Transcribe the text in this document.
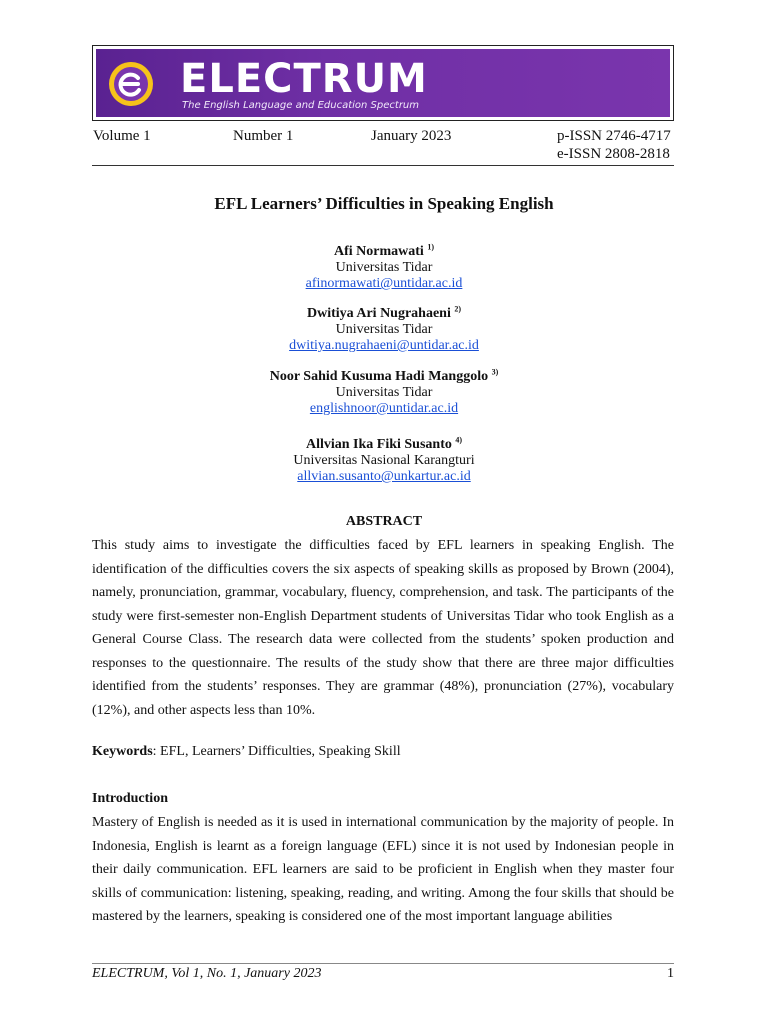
ELECTRUM
The English Language and Education Spectrum
Volume 1	Number 1	January 2023	p-ISSN 2746-4717
e-ISSN 2808-2818
EFL Learners’ Difficulties in Speaking English
Afi Normawati $^{1)}$
Universitas Tidar
afinormawati@untidar.ac.id
Dwitiya Ari Nugrahaeni $^{2)}$
Universitas Tidar
dwitiya.nugrahaeni@untidar.ac.id
Noor Sahid Kusuma Hadi Manggolo $^{3)}$
Universitas Tidar
englishnoor@untidar.ac.id
Allvian Ika Fiki Susanto $^{4)}$
Universitas Nasional Karangturi
allvian.susanto@unkartur.ac.id
ABSTRACT
This study aims to investigate the difficulties faced by EFL learners in speaking English. The identification of the difficulties covers the six aspects of speaking skills as proposed by Brown (2004), namely, pronunciation, grammar, vocabulary, fluency, comprehension, and task. The participants of the study were first-semester non-English Department students of Universitas Tidar who took English as a General Course Class. The research data were collected from the students’ spoken production and responses to the questionnaire. The results of the study show that there are three major difficulties identified from the students’ responses. They are grammar (48%), pronunciation (27%), vocabulary (12%), and other aspects less than 10%.
Keywords: EFL, Learners’ Difficulties, Speaking Skill
Introduction
Mastery of English is needed as it is used in international communication by the majority of people. In Indonesia, English is learnt as a foreign language (EFL) since it is not used by Indonesian people in their daily communication. EFL learners are said to be proficient in English when they master four skills of communication: listening, speaking, reading, and writing. Among the four skills that should be mastered by the learners, speaking is considered one of the most important language abilities
ELECTRUM, Vol 1, No. 1, January 2023	1
